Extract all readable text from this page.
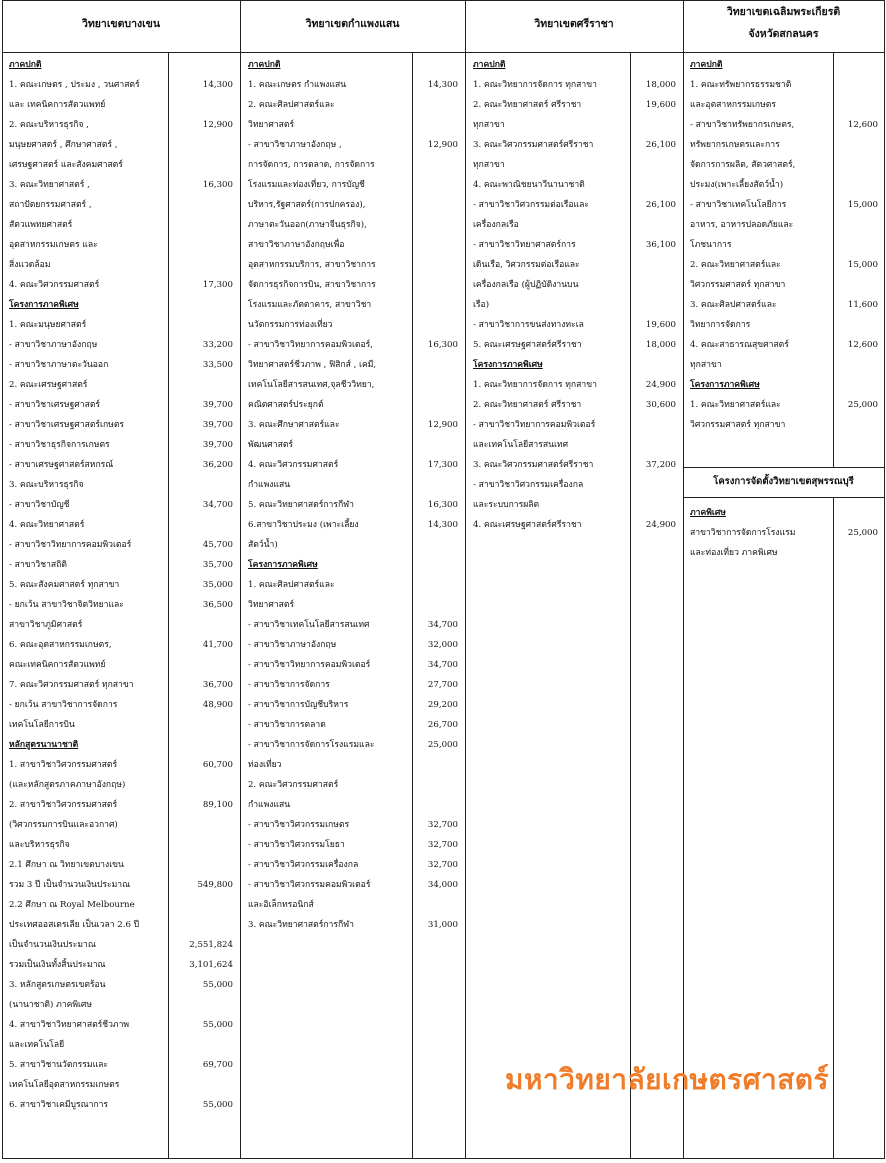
วิทยาเขตบางเขน	วิทยาเขตกำแพงแสน	วิทยาเขตศรีราชา
วิทยาเขตเฉลิมพระเกียรติ
จังหวัดสกลนคร
ภาคปกติ
1. คณะเกษตร , ประมง , วนศาสตร์	14,300
และ เทคนิคการสัตวแพทย์
2. คณะบริหารธุรกิจ ,	12,900
มนุษยศาสตร์ , ศึกษาศาสตร์ ,
เศรษฐศาสตร์ และสังคมศาสตร์
3. คณะวิทยาศาสตร์ ,	16,300
สถาปัตยกรรมศาสตร์ ,
สัตวแพทยศาสตร์
อุตสาหกรรมเกษตร และ
สิ่งแวดล้อม
4. คณะวิศวกรรมศาสตร์	17,300
โครงการภาคพิเศษ
1. คณะมนุษยศาสตร์
- สาขาวิชาภาษาอังกฤษ	33,200
- สาขาวิชาภาษาตะวันออก	33,500
2. คณะเศรษฐศาสตร์
- สาขาวิชาเศรษฐศาสตร์	39,700
- สาขาวิชาเศรษฐศาสตร์เกษตร	39,700
- สาขาวิชาธุรกิจการเกษตร	39,700
- สาขาเศรษฐศาสตร์สหกรณ์	36,200
3. คณะบริหารธุรกิจ
- สาขาวิชาบัญชี	34,700
4. คณะวิทยาศาสตร์
- สาขาวิชาวิทยาการคอมพิวเตอร์	45,700
- สาขาวิชาสถิติ	35,700
5. คณะสังคมศาสตร์ ทุกสาขา	35,000
- ยกเว้น สาขาวิชาจิตวิทยาและ	36,500
สาขาวิชาภูมิศาสตร์
6. คณะอุตสาหกรรมเกษตร,	41,700
คณะเทคนิคการสัตวแพทย์
7. คณะวิศวกรรมศาสตร์ ทุกสาขา	36,700
- ยกเว้น สาขาวิชาการจัดการ	48,900
เทคโนโลยีการบิน
หลักสูตรนานาชาติ
1. สาขาวิชาวิศวกรรมศาสตร์	60,700
(และหลักสูตรภาคภาษาอังกฤษ)
2. สาขาวิชาวิศวกรรมศาสตร์	89,100
(วิศวกรรมการบินและอวกาศ)
และบริหารธุรกิจ
2.1 ศึกษา ณ วิทยาเขตบางเขน
รวม 3 ปี เป็นจำนวนเงินประมาณ	549,800
2.2 ศึกษา ณ Royal Melbourne
ประเทศออสเตรเลีย เป็นเวลา 2.6 ปี
เป็นจำนวนเงินประมาณ	2,551,824
รวมเป็นเงินทั้งสิ้นประมาณ	3,101,624
3. หลักสูตรเกษตรเขตร้อน	55,000
(นานาชาติ) ภาคพิเศษ
4. สาขาวิชาวิทยาศาสตร์ชีวภาพ	55,000
และเทคโนโลยี
5. สาขาวิชานวัตกรรมและ	69,700
เทคโนโลยีอุตสาหกรรมเกษตร
6. สาขาวิชาเคมีบูรณาการ	55,000
ภาคปกติ
1. คณะเกษตร กำแพงแสน	14,300
2. คณะศิลปศาสตร์และ
วิทยาศาสตร์
- สาขาวิชาภาษาอังกฤษ ,	12,900
การจัดการ, การตลาด, การจัดการ
โรงแรมและท่องเที่ยว, การบัญชี
บริหาร,รัฐศาสตร์(การปกครอง),
ภาษาตะวันออก(ภาษาจีนธุรกิจ),
สาขาวิชาภาษาอังกฤษเพื่อ
อุตสาหกรรมบริการ, สาขาวิชาการ
จัดการธุรกิจการบิน, สาขาวิชาการ
โรงแรมและภัตตาคาร, สาขาวิชา
นวัตกรรมการท่องเที่ยว
- สาขาวิชาวิทยาการคอมพิวเตอร์,	16,300
วิทยาศาสตร์ชีวภาพ , ฟิสิกส์ , เคมี,
เทคโนโลยีสารสนเทศ,จุลชีววิทยา,
คณิตศาสตร์ประยุกต์
3. คณะศึกษาศาสตร์และ	12,900
พัฒนศาสตร์
4. คณะวิศวกรรมศาสตร์	17,300
กำแพงแสน
5. คณะวิทยาศาสตร์การกีฬา	16,300
6.สาขาวิชาประมง (เพาะเลี้ยง	14,300
สัตว์น้ำ)
โครงการภาคพิเศษ
1. คณะศิลปศาสตร์และ
วิทยาศาสตร์
- สาขาวิชาเทคโนโลยีสารสนเทศ	34,700
- สาขาวิชาภาษาอังกฤษ	32,000
- สาขาวิชาวิทยาการคอมพิวเตอร์	34,700
- สาขาวิชาการจัดการ	27,700
- สาขาวิชาการบัญชีบริหาร	29,200
- สาขาวิชาการตลาด	26,700
- สาขาวิชาการจัดการโรงแรมและ	25,000
ท่องเที่ยว
2. คณะวิศวกรรมศาสตร์
กำแพงแสน
- สาขาวิชาวิศวกรรมเกษตร	32,700
- สาขาวิชาวิศวกรรมโยธา	32,700
- สาขาวิชาวิศวกรรมเครื่องกล	32,700
- สาขาวิชาวิศวกรรมคอมพิวเตอร์	34,000
และอิเล็กทรอนิกส์
3. คณะวิทยาศาสตร์การกีฬา	31,000
ภาคปกติ
1. คณะวิทยาการจัดการ ทุกสาขา	18,000
2. คณะวิทยาศาสตร์ ศรีราชา	19,600
ทุกสาขา
3. คณะวิศวกรรมศาสตร์ศรีราชา	26,100
ทุกสาขา
4. คณะพาณิชยนาวีนานาชาติ
- สาขาวิชาวิศวกรรมต่อเรือและ	26,100
เครื่องกลเรือ
- สาขาวิชาวิทยาศาสตร์การ	36,100
เดินเรือ, วิศวกรรมต่อเรือและ
เครื่องกลเรือ (ผู้ปฏิบัติงานบน
เรือ)
- สาขาวิชาการขนส่งทางทะเล	19,600
5. คณะเศรษฐศาสตร์ศรีราชา	18,000
โครงการภาคพิเศษ
1. คณะวิทยาการจัดการ ทุกสาขา	24,900
2. คณะวิทยาศาสตร์ ศรีราชา	30,600
- สาขาวิชาวิทยาการคอมพิวเตอร์
และเทคโนโลยีสารสนเทศ
3. คณะวิศวกรรมศาสตร์ศรีราชา	37,200
- สาขาวิชาวิศวกรรมเครื่องกล
และระบบการผลิต
4. คณะเศรษฐศาสตร์ศรีราชา	24,900
ภาคปกติ
1. คณะทรัพยากรธรรมชาติ
และอุตสาหกรรมเกษตร
- สาขาวิชาทรัพยากรเกษตร,	12,600
ทรัพยากรเกษตรและการ
จัดการการผลิต, สัตวศาสตร์,
ประมง(เพาะเลี้ยงสัตว์น้ำ)
- สาขาวิชาเทคโนโลยีการ	15,000
อาหาร, อาหารปลอดภัยและ
โภชนาการ
2. คณะวิทยาศาสตร์และ	15,000
วิศวกรรมศาสตร์ ทุกสาขา
3. คณะศิลปศาสตร์และ	11,600
วิทยาการจัดการ
4. คณะสาธารณสุขศาสตร์	12,600
ทุกสาขา
โครงการภาคพิเศษ
1. คณะวิทยาศาสตร์และ	25,000
วิศวกรรมศาสตร์ ทุกสาขา
โครงการจัดตั้งวิทยาเขตสุพรรณบุรี
ภาคพิเศษ
สาขาวิชาการจัดการโรงแรม	25,000
และท่องเที่ยว ภาคพิเศษ
มหาวิทยาลัยเกษตรศาสตร์
